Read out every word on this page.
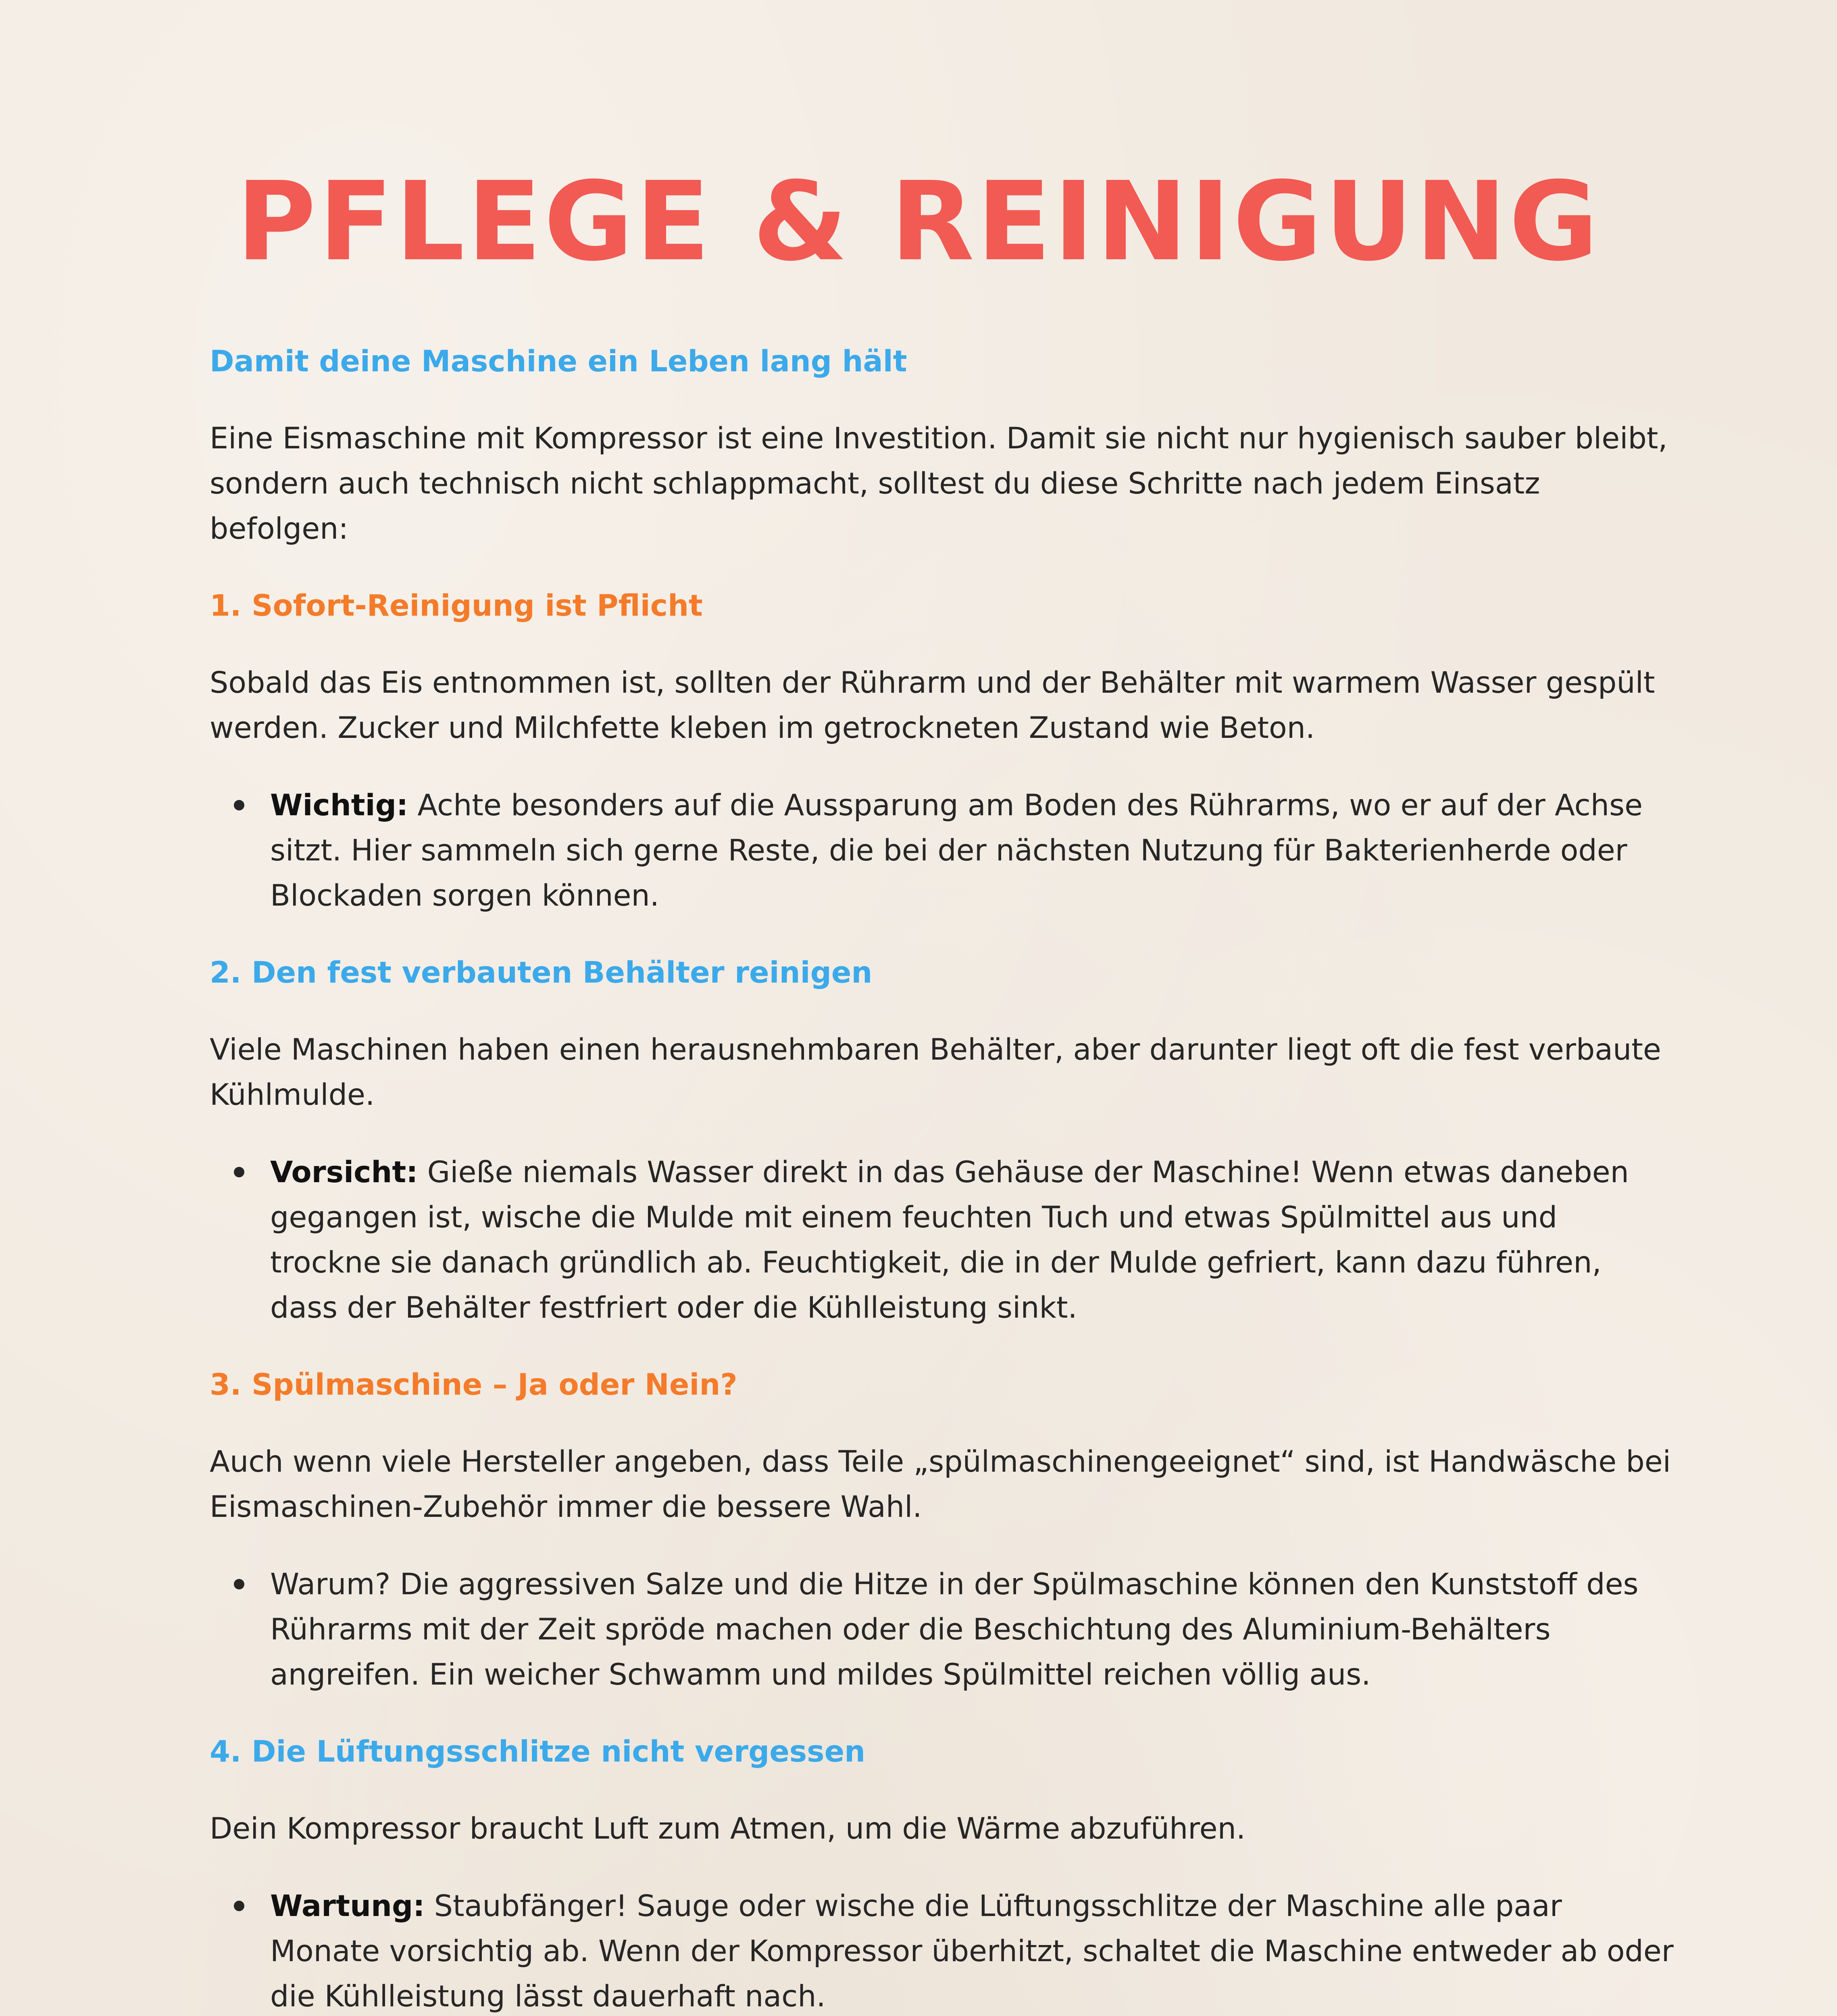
PFLEGE & REINIGUNG
Damit deine Maschine ein Leben lang hält
Eine Eismaschine mit Kompressor ist eine Investition. Damit sie nicht nur hygienisch sauber bleibt, sondern auch technisch nicht schlappmacht, solltest du diese Schritte nach jedem Einsatz befolgen:
1. Sofort-Reinigung ist Pflicht
Sobald das Eis entnommen ist, sollten der Rührarm und der Behälter mit warmem Wasser gespült werden. Zucker und Milchfette kleben im getrockneten Zustand wie Beton.
Wichtig: Achte besonders auf die Aussparung am Boden des Rührarms, wo er auf der Achse sitzt. Hier sammeln sich gerne Reste, die bei der nächsten Nutzung für Bakterienherde oder Blockaden sorgen können.
2. Den fest verbauten Behälter reinigen
Viele Maschinen haben einen herausnehmbaren Behälter, aber darunter liegt oft die fest verbaute Kühlmulde.
Vorsicht: Gieße niemals Wasser direkt in das Gehäuse der Maschine! Wenn etwas daneben gegangen ist, wische die Mulde mit einem feuchten Tuch und etwas Spülmittel aus und trockne sie danach gründlich ab. Feuchtigkeit, die in der Mulde gefriert, kann dazu führen, dass der Behälter festfriert oder die Kühlleistung sinkt.
3. Spülmaschine – Ja oder Nein?
Auch wenn viele Hersteller angeben, dass Teile „spülmaschinengeeignet“ sind, ist Handwäsche bei Eismaschinen-Zubehör immer die bessere Wahl.
Warum? Die aggressiven Salze und die Hitze in der Spülmaschine können den Kunststoff des Rührarms mit der Zeit spröde machen oder die Beschichtung des Aluminium-Behälters angreifen. Ein weicher Schwamm und mildes Spülmittel reichen völlig aus.
4. Die Lüftungsschlitze nicht vergessen
Dein Kompressor braucht Luft zum Atmen, um die Wärme abzuführen.
Wartung: Staubfänger! Sauge oder wische die Lüftungsschlitze der Maschine alle paar Monate vorsichtig ab. Wenn der Kompressor überhitzt, schaltet die Maschine entweder ab oder die Kühlleistung lässt dauerhaft nach.
